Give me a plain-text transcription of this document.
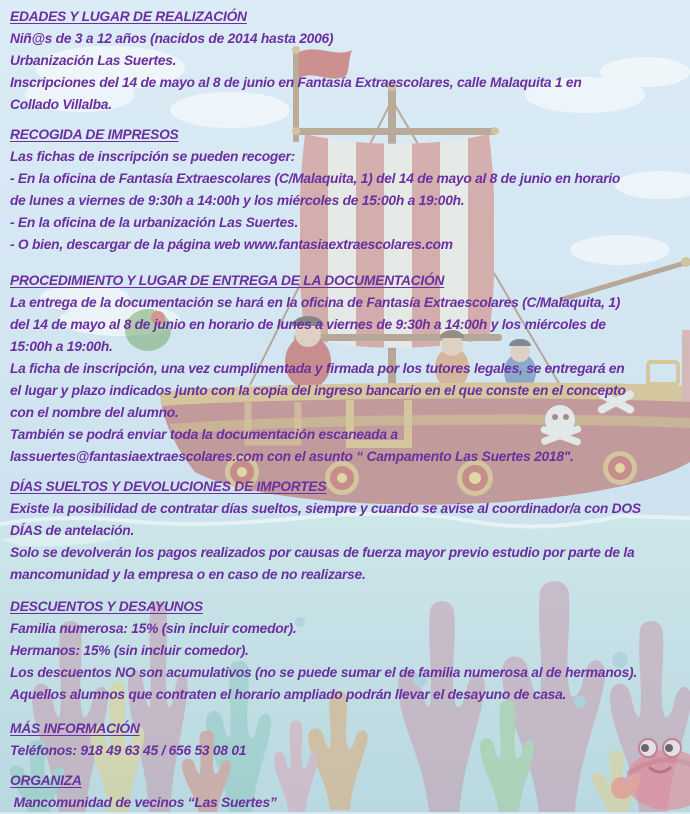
EDADES Y LUGAR DE REALIZACIÓN
Niñ@s de 3 a 12 años (nacidos de 2014 hasta 2006)
Urbanización Las Suertes.
Inscripciones del 14 de mayo al 8 de junio en Fantasía Extraescolares, calle Malaquita 1 en
Collado Villalba.
RECOGIDA DE IMPRESOS
Las fichas de inscripción se pueden recoger:
- En la oficina de Fantasía Extraescolares (C/Malaquita, 1) del 14 de mayo al 8 de junio en horario
de lunes a viernes de 9:30h a 14:00h y los miércoles de 15:00h a 19:00h.
- En la oficina de la urbanización Las Suertes.
- O bien, descargar de la página web www.fantasiaextraescolares.com
PROCEDIMIENTO Y LUGAR DE ENTREGA DE LA DOCUMENTACIÓN
La entrega de la documentación se hará en la oficina de Fantasía Extraescolares (C/Malaquita, 1)
del 14 de mayo al 8 de junio en horario de lunes a viernes de 9:30h a 14:00h y los miércoles de
15:00h a 19:00h.
La ficha de inscripción, una vez cumplimentada y firmada por los tutores legales, se entregará en
el lugar y plazo indicados junto con la copia del ingreso bancario en el que conste en el concepto
con el nombre del alumno.
También se podrá enviar toda la documentación escaneada a
lassuertes@fantasiaextraescolares.com con el asunto “ Campamento Las Suertes 2018".
DÍAS SUELTOS Y DEVOLUCIONES DE IMPORTES
Existe la posibilidad de contratar días sueltos, siempre y cuando se avise al coordinador/a con DOS
DÍAS de antelación.
Solo se devolverán los pagos realizados por causas de fuerza mayor previo estudio por parte de la
mancomunidad y la empresa o en caso de no realizarse.
DESCUENTOS Y DESAYUNOS
Familia numerosa: 15% (sin incluir comedor).
Hermanos: 15% (sin incluir comedor).
Los descuentos NO son acumulativos (no se puede sumar el de familia numerosa al de hermanos).
Aquellos alumnos que contraten el horario ampliado podrán llevar el desayuno de casa.
MÁS INFORMACIÓN
Teléfonos: 918 49 63 45 / 656 53 08 01
ORGANIZA
Mancomunidad de vecinos “Las Suertes”
